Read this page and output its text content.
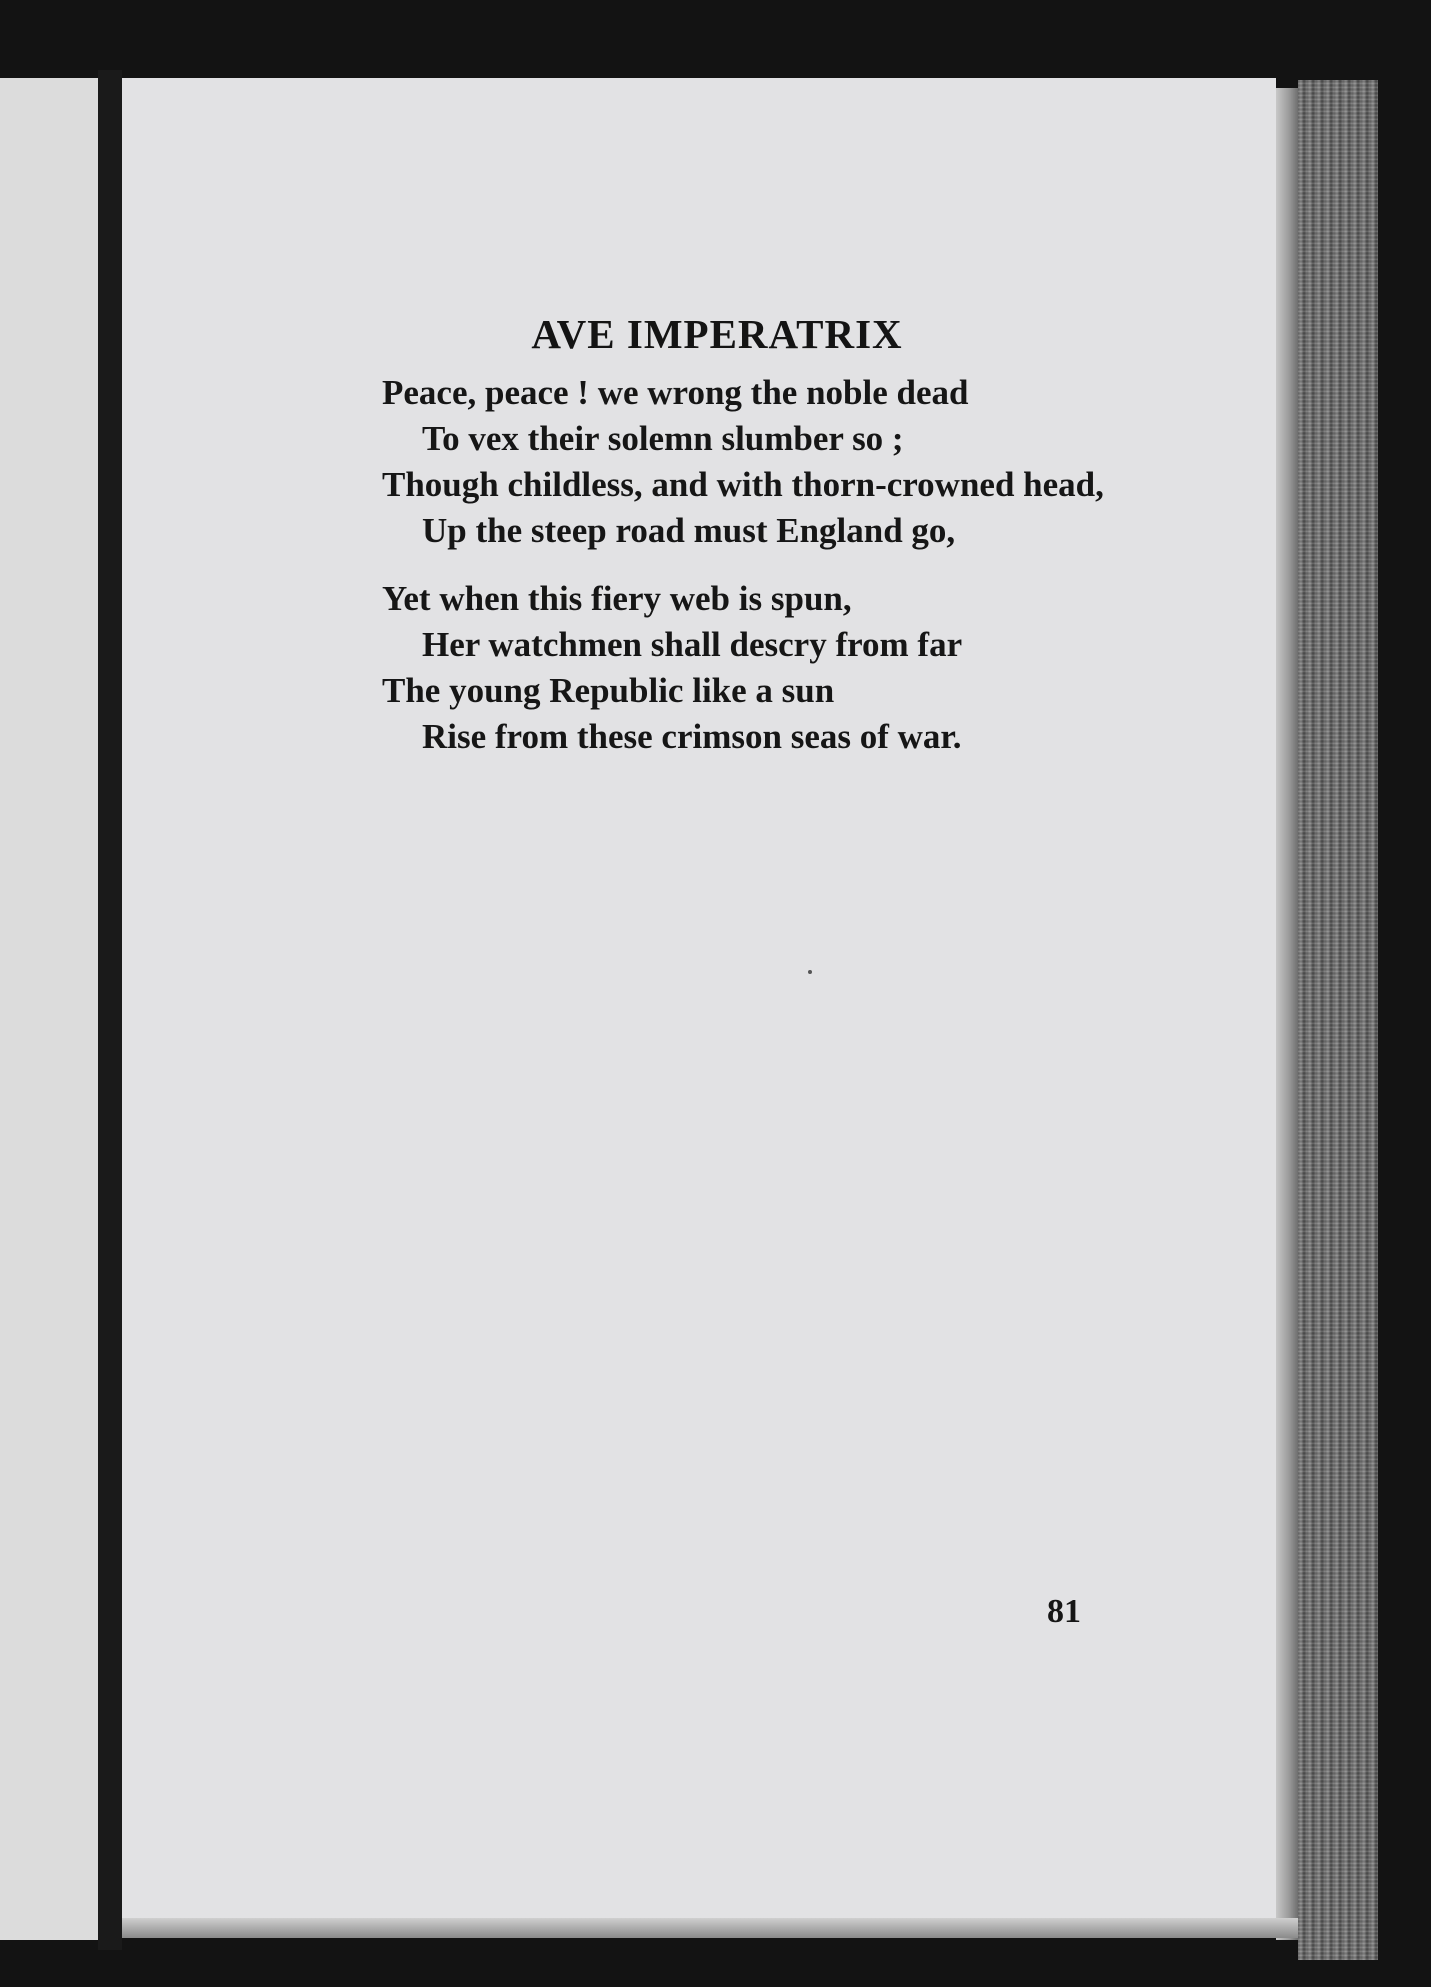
AVE IMPERATRIX
Peace, peace ! we wrong the noble dead
To vex their solemn slumber so ;
Though childless, and with thorn-crowned head,
Up the steep road must England go,
Yet when this fiery web is spun,
Her watchmen shall descry from far
The young Republic like a sun
Rise from these crimson seas of war.
81
